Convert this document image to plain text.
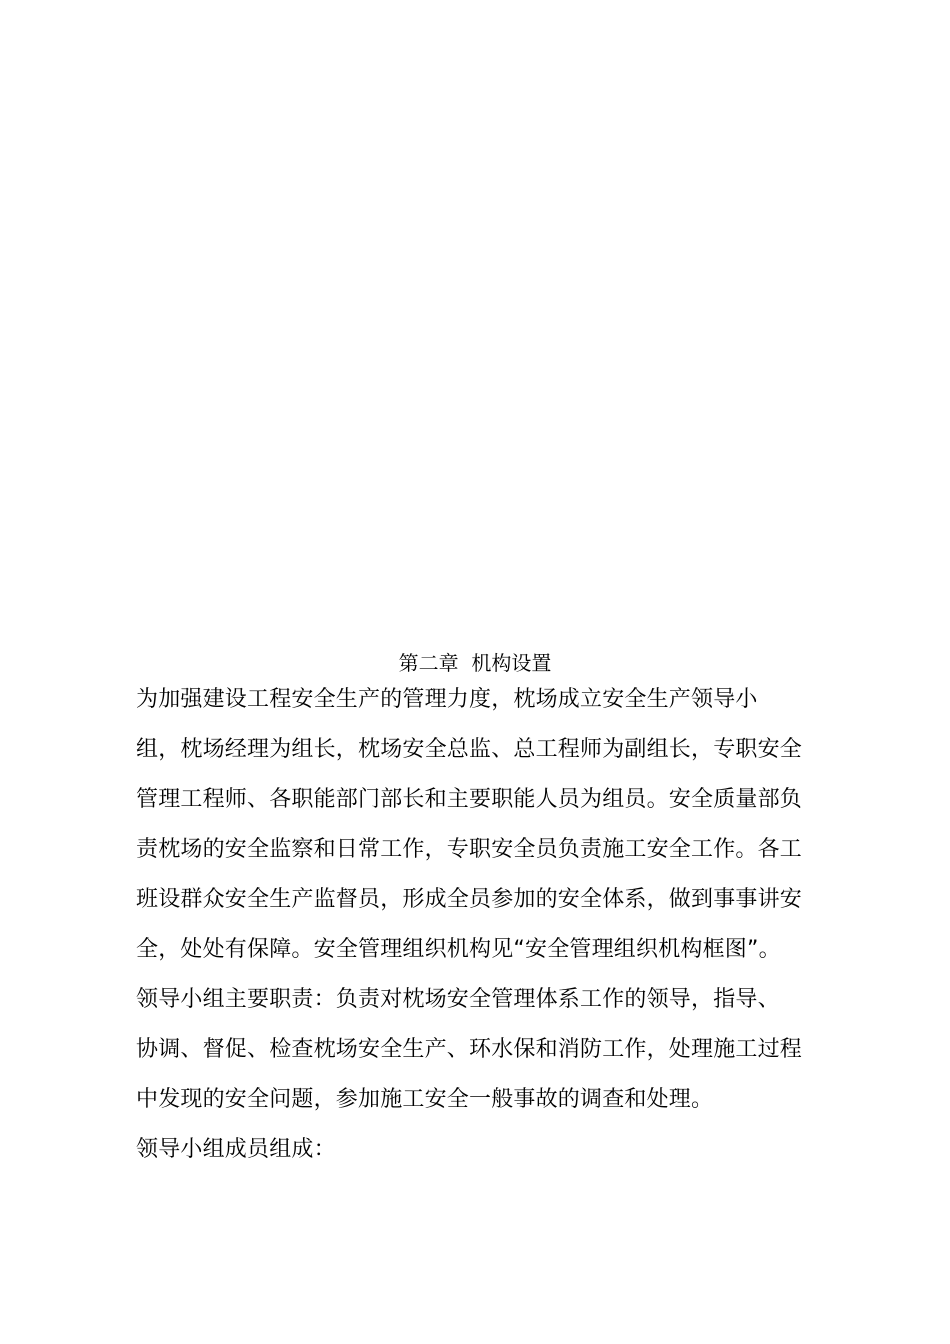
第二章  机构设置
为加强建设工程安全生产的管理力度，枕场成立安全生产领导小
组，枕场经理为组长，枕场安全总监、总工程师为副组长，专职安全
管理工程师、各职能部门部长和主要职能人员为组员。安全质量部负
责枕场的安全监察和日常工作，专职安全员负责施工安全工作。各工
班设群众安全生产监督员，形成全员参加的安全体系，做到事事讲安
全，处处有保障。安全管理组织机构见“安全管理组织机构框图”。
领导小组主要职责：负责对枕场安全管理体系工作的领导，指导、
协调、督促、检查枕场安全生产、环水保和消防工作，处理施工过程
中发现的安全问题，参加施工安全一般事故的调查和处理。
领导小组成员组成：
